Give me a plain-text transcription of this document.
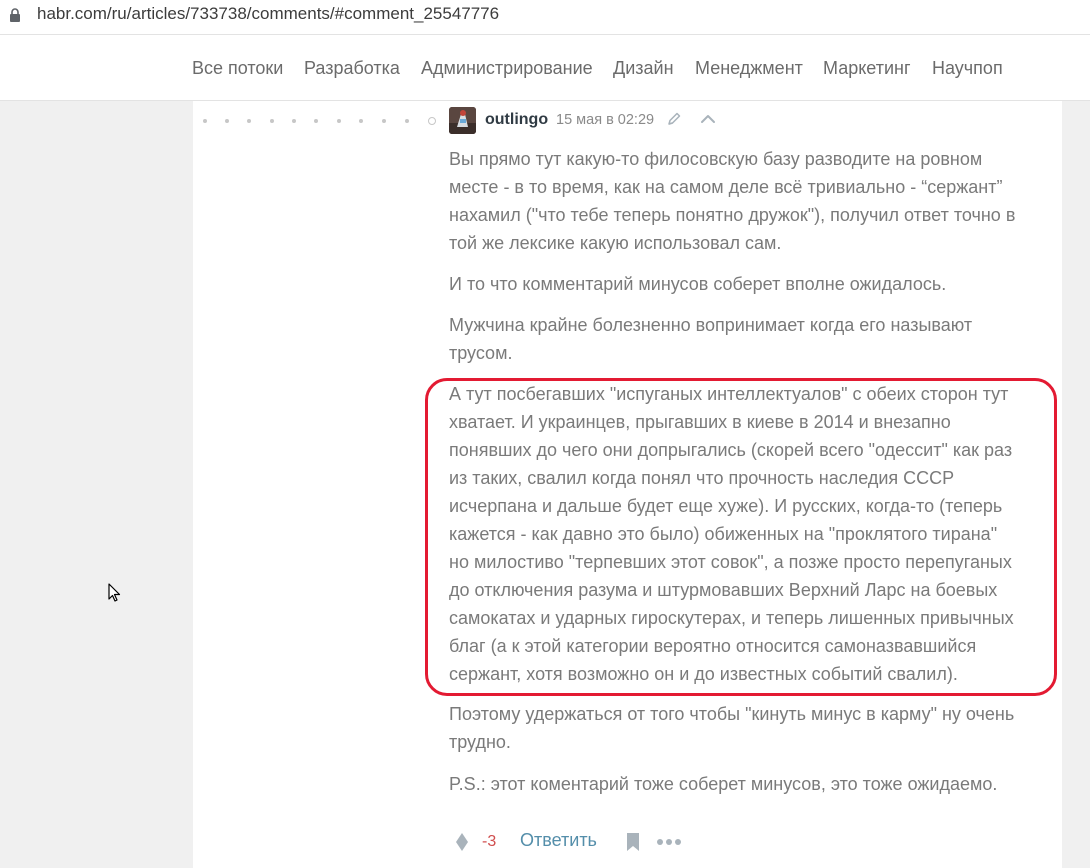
habr.com/ru/articles/733738/comments/#comment_25547776
Все потоки Разработка Администрирование Дизайн Менеджмент Маркетинг Научпоп
outlingo 15 мая в 02:29
Вы прямо тут какую-то филосовскую базу разводите на ровном
месте - в то время, как на самом деле всё тривиально - “сержант”
нахамил ("что тебе теперь понятно дружок"), получил ответ точно в
той же лексике какую использовал сам.
И то что комментарий минусов соберет вполне ожидалось.
Мужчина крайне болезненно вопринимает когда его называют
трусом.
А тут посбегавших "испуганых интеллектуалов" с обеих сторон тут
хватает. И украинцев, прыгавших в киеве в 2014 и внезапно
понявших до чего они допрыгались (скорей всего "одессит" как раз
из таких, свалил когда понял что прочность наследия СССР
исчерпана и дальше будет еще хуже). И русских, когда-то (теперь
кажется - как давно это было) обиженных на "проклятого тирана"
но милостиво "терпевших этот совок", а позже просто перепуганых
до отключения разума и штурмовавших Верхний Ларс на боевых
самокатах и ударных гироскутерах, и теперь лишенных привычных
благ (а к этой категории вероятно относится самоназвавшийся
сержант, хотя возможно он и до известных событий свалил).
Поэтому удержаться от того чтобы "кинуть минус в карму" ну очень
трудно.
P.S.: этот коментарий тоже соберет минусов, это тоже ожидаемо.
-3 Ответить
